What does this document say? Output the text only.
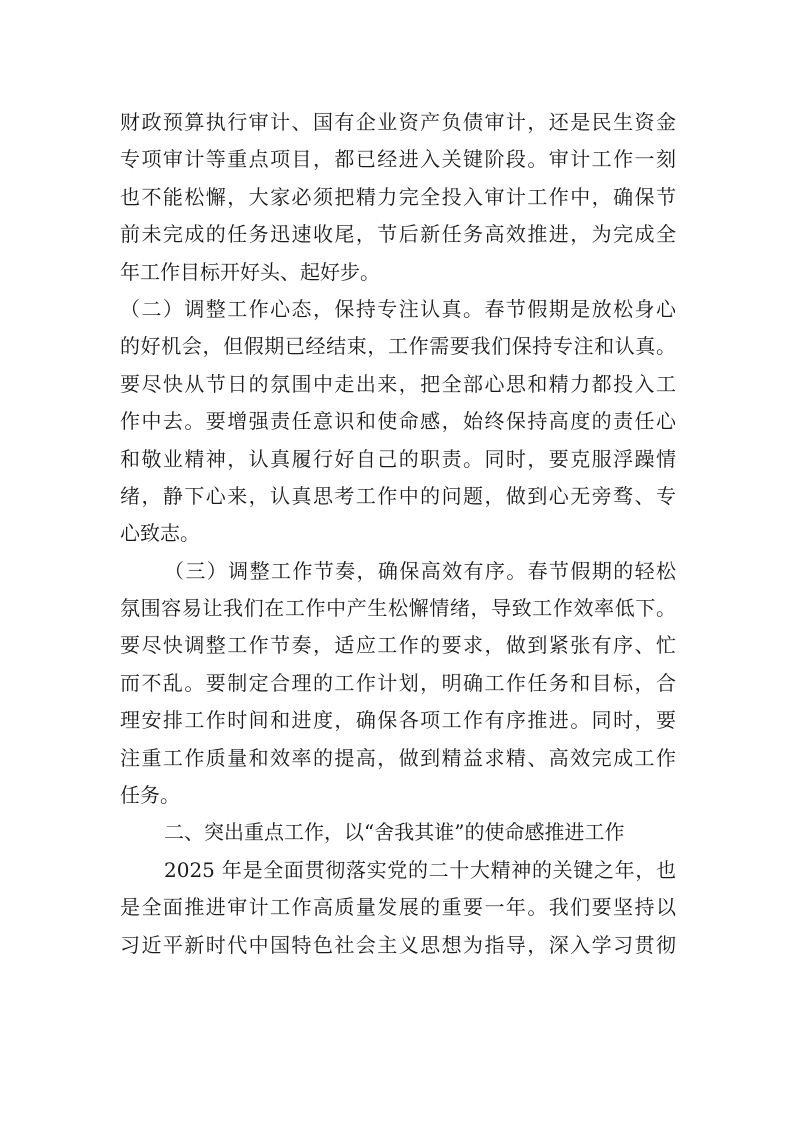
财政预算执行审计、国有企业资产负债审计，还是民生资金
专项审计等重点项目，都已经进入关键阶段。审计工作一刻
也不能松懈，大家必须把精力完全投入审计工作中，确保节
前未完成的任务迅速收尾，节后新任务高效推进，为完成全
年工作目标开好头、起好步。
（二）调整工作心态，保持专注认真。春节假期是放松身心
的好机会，但假期已经结束，工作需要我们保持专注和认真。
要尽快从节日的氛围中走出来，把全部心思和精力都投入工
作中去。要增强责任意识和使命感，始终保持高度的责任心
和敬业精神，认真履行好自己的职责。同时，要克服浮躁情
绪，静下心来，认真思考工作中的问题，做到心无旁骛、专
心致志。
（三）调整工作节奏，确保高效有序。春节假期的轻松
氛围容易让我们在工作中产生松懈情绪，导致工作效率低下。
要尽快调整工作节奏，适应工作的要求，做到紧张有序、忙
而不乱。要制定合理的工作计划，明确工作任务和目标，合
理安排工作时间和进度，确保各项工作有序推进。同时，要
注重工作质量和效率的提高，做到精益求精、高效完成工作
任务。
二、突出重点工作，以“舍我其谁”的使命感推进工作
2025 年是全面贯彻落实党的二十大精神的关键之年，也
是全面推进审计工作高质量发展的重要一年。我们要坚持以
习近平新时代中国特色社会主义思想为指导，深入学习贯彻
